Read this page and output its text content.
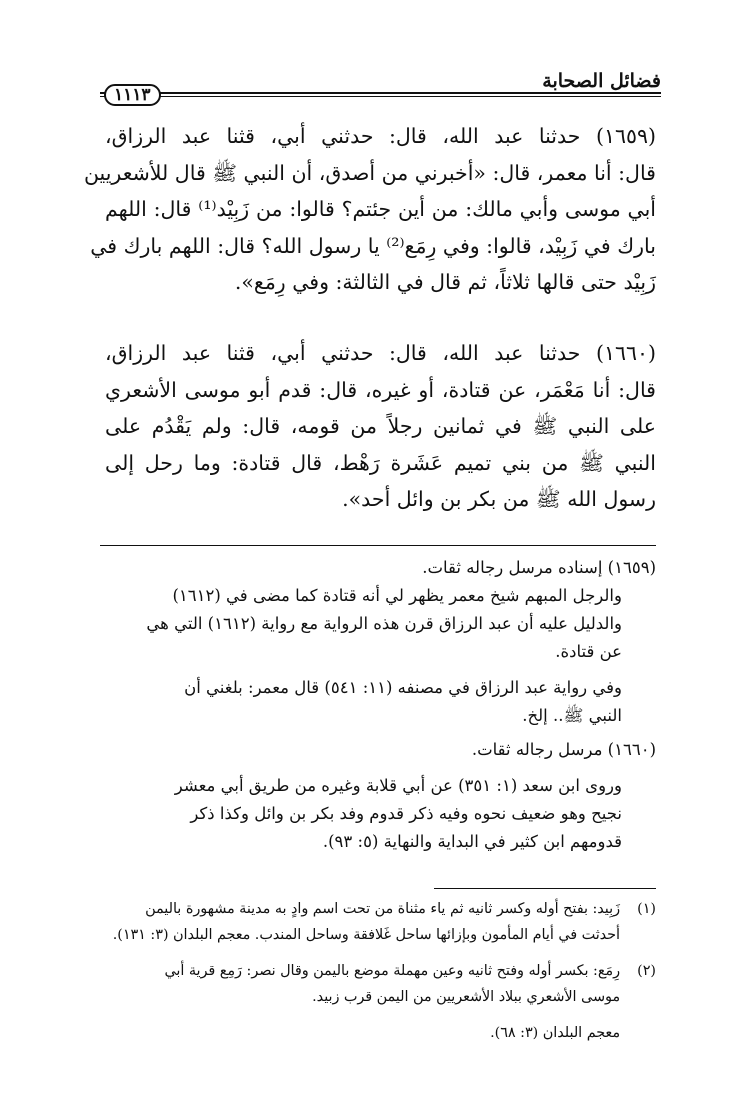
فضائل الصحابة
١١١٣

(١٦٥٩) حدثنا عبد الله، قال: حدثني أبي، قثنا عبد الرزاق،

قال: أنا معمر، قال: «أخبرني من أصدق، أن النبي ﷺ قال للأشعريين

أبي موسى وأبي مالك: من أين جئتم؟ قالوا: من زَبِيْد⁽¹⁾ قال: اللهم

بارك في زَبِيْد، قالوا: وفي رِمَع⁽²⁾ يا رسول الله؟ قال: اللهم بارك في

زَبِيْد حتى قالها ثلاثاً، ثم قال في الثالثة: وفي رِمَع».

(١٦٦٠) حدثنا عبد الله، قال: حدثني أبي، قثنا عبد الرزاق،

قال: أنا مَعْمَر، عن قتادة، أو غيره، قال: قدم أبو موسى الأشعري

على النبي ﷺ في ثمانين رجلاً من قومه، قال: ولم يَقْدُم على

النبي ﷺ من بني تميم عَشَرة رَهْط، قال قتادة: وما رحل إلى

رسول الله ﷺ من بكر بن وائل أحد».

(١٦٥٩) إسناده مرسل رجاله ثقات.

والرجل المبهم شيخ معمر يظهر لي أنه قتادة كما مضى في (١٦١٢)

والدليل عليه أن عبد الرزاق قرن هذه الرواية مع رواية (١٦١٢) التي هي

عن قتادة.

وفي رواية عبد الرزاق في مصنفه (١١: ٥٤١) قال معمر: بلغني أن

النبي ﷺ.. إلخ.

(١٦٦٠) مرسل رجاله ثقات.

وروى ابن سعد (١: ٣٥١) عن أبي قلابة وغيره من طريق أبي معشر

نجيح وهو ضعيف نحوه وفيه ذكر قدوم وفد بكر بن وائل وكذا ذكر

قدومهم ابن كثير في البداية والنهاية (٥: ٩٣).

(١)

زَبِيد: بفتح أوله وكسر ثانيه ثم ياء مثناة من تحت اسم وادٍ به مدينة مشهورة باليمن

أحدثت في أيام المأمون وبإزائها ساحل غَلافقة وساحل المندب. معجم البلدان (٣: ١٣١).

(٢)

رِمَع: بكسر أوله وفتح ثانيه وعين مهملة موضع باليمن وقال نصر: رَمِع قرية أبي

موسى الأشعري ببلاد الأشعريين من اليمن قرب زبيد.

معجم البلدان (٣: ٦٨).
